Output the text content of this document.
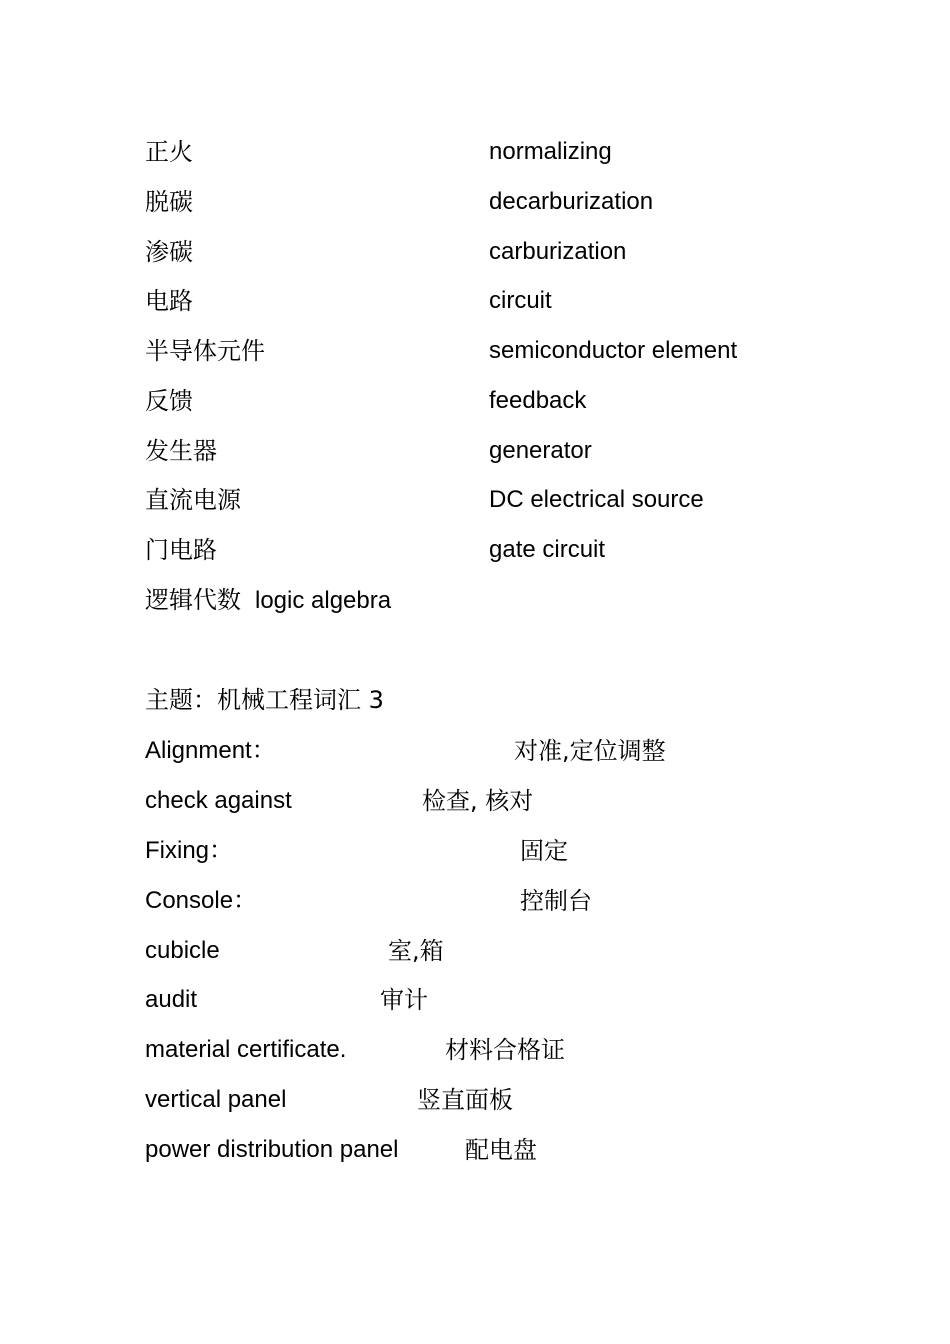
正火	normalizing
脱碳	decarburization
渗碳	carburization
电路	circuit
半导体元件	semiconductor element
反馈	feedback
发生器	generator
直流电源	DC electrical source
门电路	gate circuit
逻辑代数 logic algebra
主题：机械工程词汇 3
Alignment：	对准,定位调整
check against	检查, 核对
Fixing：	固定
Console：	控制台
cubicle	室,箱
audit	审计
material certificate.	材料合格证
vertical panel	竖直面板
power distribution panel	配电盘
